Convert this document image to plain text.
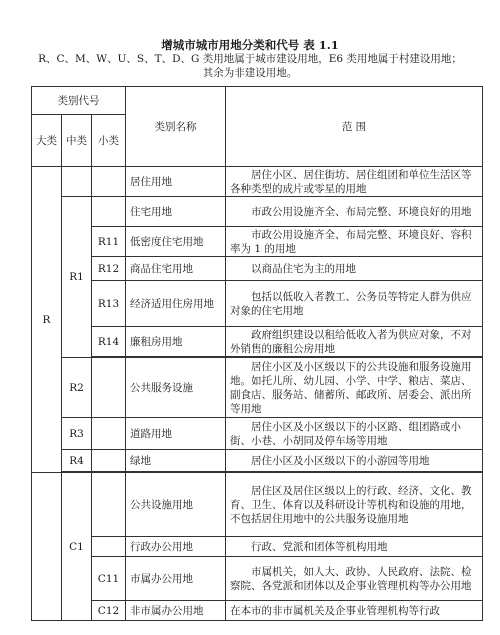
增城市城市用地分类和代号 表 1.1
R、C、M、W、U、S、T、D、G 类用地属于城市建设用地，E6 类用地属于村建设用地；
其余为非建设用地。
类别代号			类别名称	范 围
大类	中类	小类		
R			居住用地	居住小区、居住街坊、居住组团和单位生活区等各种类型的成片或零星的用地
	R1		住宅用地	市政公用设施齐全、布局完整、环境良好的用地
		R11	低密度住宅用地	市政公用设施齐全、布局完整、环境良好、容积率为 1 的用地
		R12	商品住宅用地	以商品住宅为主的用地
		R13	经济适用住房用地	包括以低收入者教工、公务员等特定人群为供应对象的住宅用地
		R14	廉租房用地	政府组织建设以租给低收入者为供应对象，不对外销售的廉租公房用地

	R2		公共服务设施	居住小区及小区级以下的公共设施和服务设施用地。如托儿所、幼儿园、小学、中学、粮店、菜店、副食店、服务站、储蓄所、邮政所、居委会、派出所等用地
	R3		道路用地	居住小区及小区级以下的小区路、组团路或小街、小巷、小胡同及停车场等用地
	R4		绿地	居住小区及小区级以下的小游园等用地

	C1		公共设施用地	居住区及居住区级以上的行政、经济、文化、教育、卫生、体育以及科研设计等机构和设施的用地，不包括居住用地中的公共服务设施用地
			行政办公用地	行政、党派和团体等机构用地
		C11	市属办公用地	市属机关，如人大、政协、人民政府、法院、检察院、各党派和团体以及企事业管理机构等办公用地
		C12	非市属办公用地	在本市的非市属机关及企事业管理机构等行政
